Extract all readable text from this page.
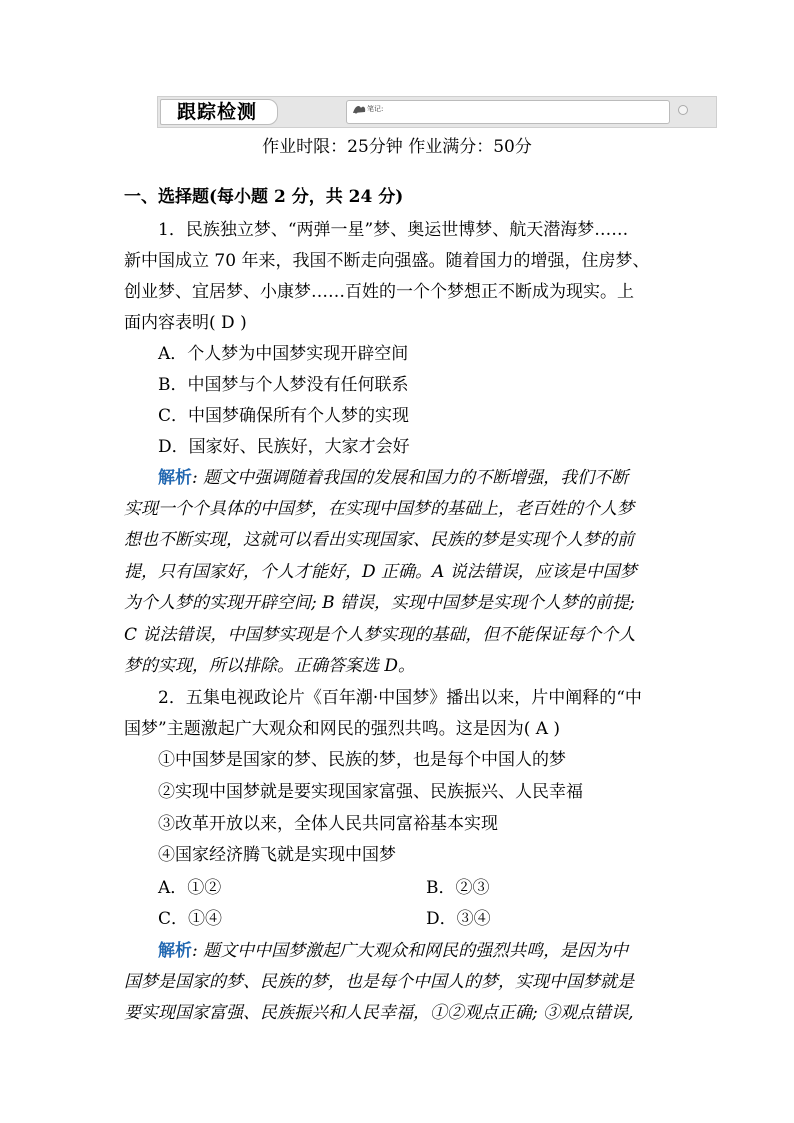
跟踪检测	笔记:
作业时限：25分钟 作业满分：50分
一、选择题(每小题 2 分，共 24 分)
1．民族独立梦、“两弹一星”梦、奥运世博梦、航天潜海梦……
新中国成立 70 年来，我国不断走向强盛。随着国力的增强，住房梦、
创业梦、宜居梦、小康梦……百姓的一个个梦想正不断成为现实。上
面内容表明( D )
A．个人梦为中国梦实现开辟空间
B．中国梦与个人梦没有任何联系
C．中国梦确保所有个人梦的实现
D．国家好、民族好，大家才会好
解析: 题文中强调随着我国的发展和国力的不断增强，我们不断
实现一个个具体的中国梦，在实现中国梦的基础上，老百姓的个人梦
想也不断实现，这就可以看出实现国家、民族的梦是实现个人梦的前
提，只有国家好，个人才能好，D 正确。A 说法错误，应该是中国梦
为个人梦的实现开辟空间; B 错误，实现中国梦是实现个人梦的前提;
C 说法错误，中国梦实现是个人梦实现的基础，但不能保证每个个人
梦的实现，所以排除。正确答案选 D。
2．五集电视政论片《百年潮·中国梦》播出以来，片中阐释的“中
国梦”主题激起广大观众和网民的强烈共鸣。这是因为( A )
①中国梦是国家的梦、民族的梦，也是每个中国人的梦
②实现中国梦就是要实现国家富强、民族振兴、人民幸福
③改革开放以来，全体人民共同富裕基本实现
④国家经济腾飞就是实现中国梦
A．①②	B．②③
C．①④	D．③④
解析: 题文中中国梦激起广大观众和网民的强烈共鸣，是因为中
国梦是国家的梦、民族的梦，也是每个中国人的梦，实现中国梦就是
要实现国家富强、民族振兴和人民幸福，①②观点正确; ③观点错误,
